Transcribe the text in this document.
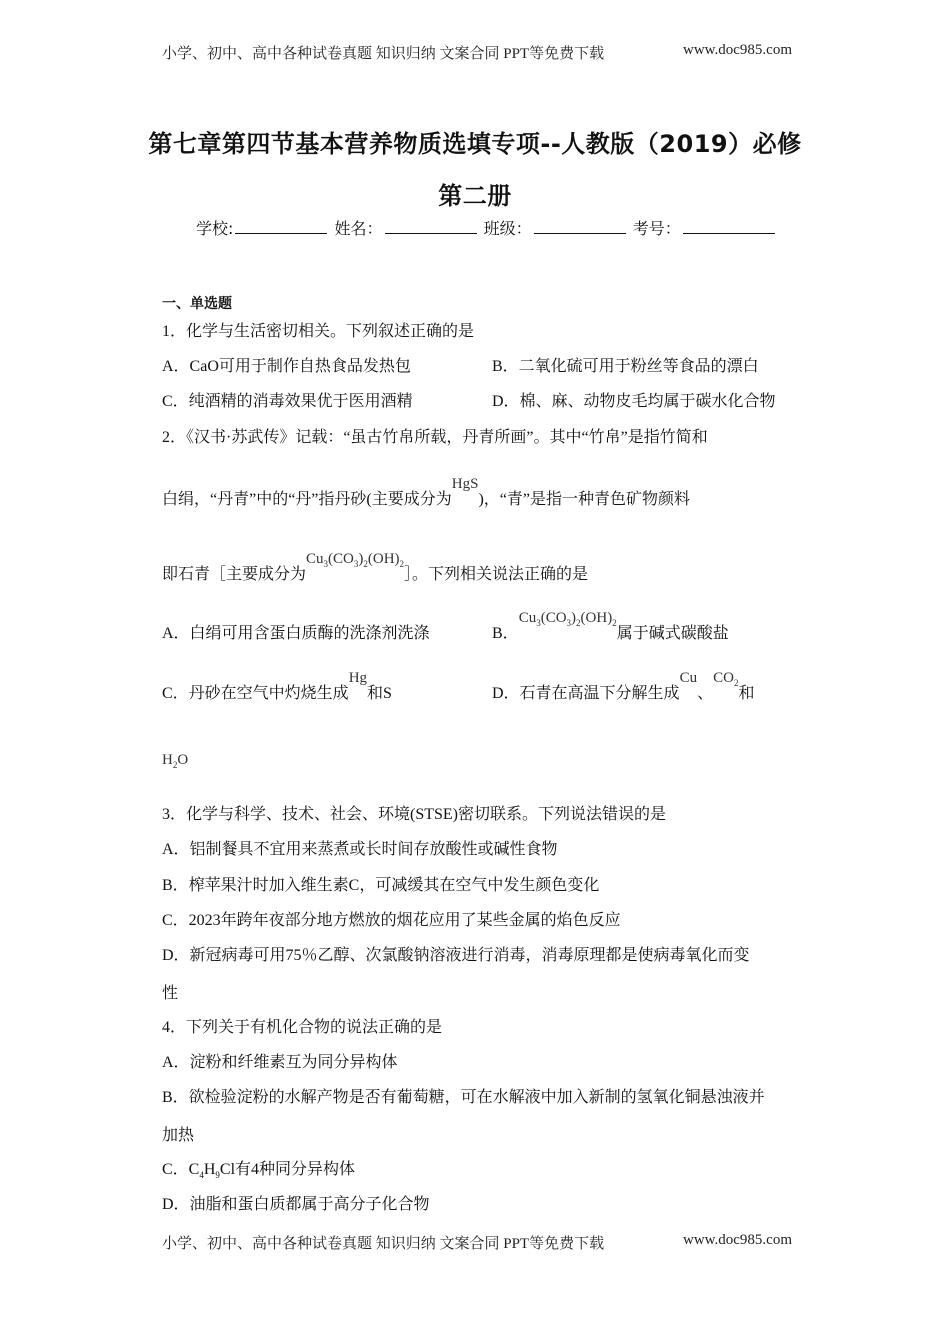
小学、初中、高中各种试卷真题 知识归纳 文案合同 PPT等免费下载	www.doc985.com
第七章第四节基本营养物质选填专项--人教版（2019）必修
第二册
学校:	姓名：	班级：	考号：
一、单选题
1．化学与生活密切相关。下列叙述正确的是
A．CaO可用于制作自热食品发热包	B．二氧化硫可用于粉丝等食品的漂白
C．纯酒精的消毒效果优于医用酒精	D．棉、麻、动物皮毛均属于碳水化合物
2．《汉书·苏武传》记载：“虽古竹帛所载，丹青所画”。其中“竹帛”是指竹简和
白绢，“丹青”中的“丹”指丹砂(主要成分为HgS)，“青”是指一种青色矿物颜料
即石青［主要成分为$Cu_3(CO_3)_2(OH)_2]$。下列相关说法正确的是
A．白绢可用含蛋白质酶的洗涤剂洗涤	B．$Cu_3(CO_3)_2(OH)_2$属于碱式碳酸盐
C．丹砂在空气中灼烧生成Hg和S	D．石青在高温下分解生成Cu、$CO_2$和
$H_2O$
3．化学与科学、技术、社会、环境(STSE)密切联系。下列说法错误的是
A．铝制餐具不宜用来蒸煮或长时间存放酸性或碱性食物
B．榨苹果汁时加入维生素C，可减缓其在空气中发生颜色变化
C．2023年跨年夜部分地方燃放的烟花应用了某些金属的焰色反应
D．新冠病毒可用75％乙醇、次氯酸钠溶液进行消毒，消毒原理都是使病毒氧化而变
性
4．下列关于有机化合物的说法正确的是
A．淀粉和纤维素互为同分异构体
B．欲检验淀粉的水解产物是否有葡萄糖，可在水解液中加入新制的氢氧化铜悬浊液并
加热
C．$C_4H_9Cl$有4种同分异构体
D．油脂和蛋白质都属于高分子化合物
小学、初中、高中各种试卷真题 知识归纳 文案合同 PPT等免费下载	www.doc985.com
